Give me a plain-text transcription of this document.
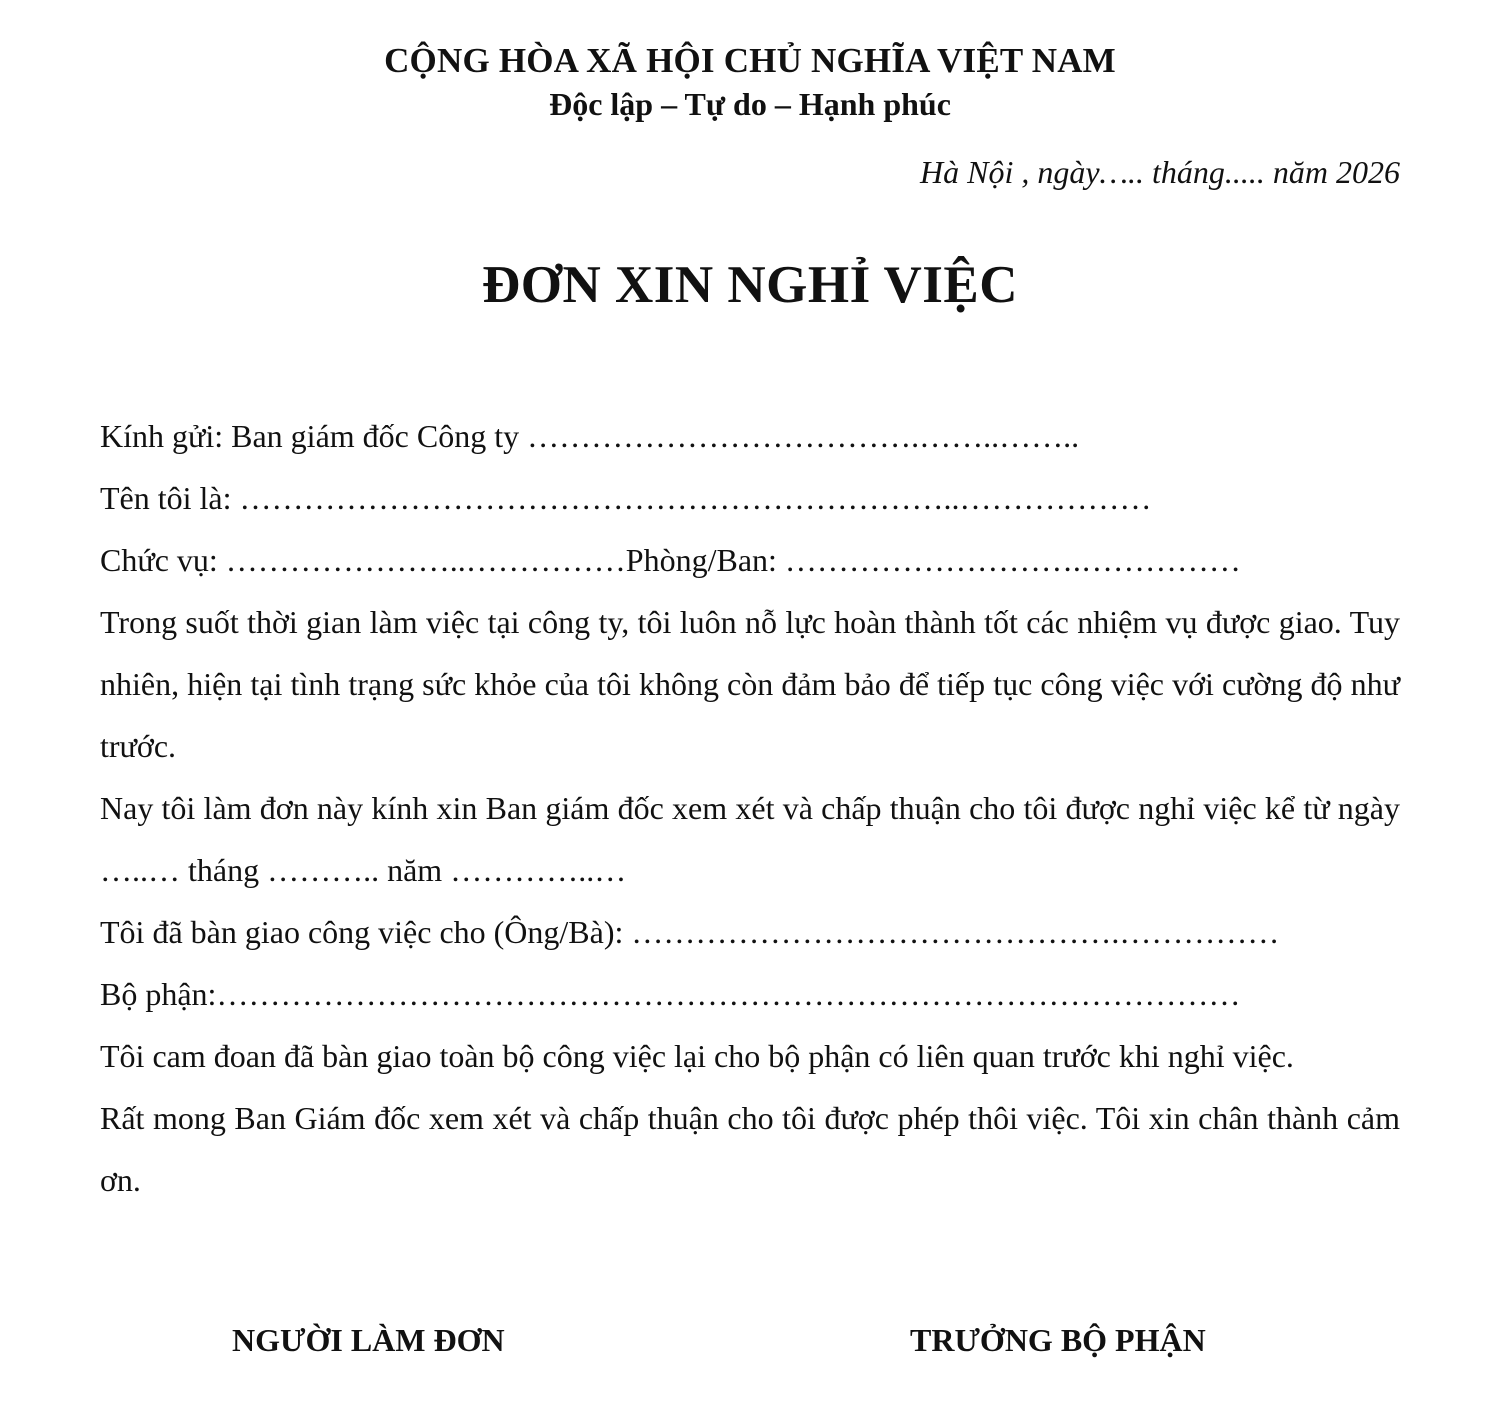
CỘNG HÒA XÃ HỘI CHỦ NGHĨA VIỆT NAM
Độc lập – Tự do – Hạnh phúc
Hà Nội , ngày….. tháng..... năm 2026
ĐƠN XIN NGHỈ VIỆC
Kính gửi: Ban giám đốc Công ty ……………………………….……..……..
Tên tôi là: …………………………………………………………..………………
Chức vụ: …………………..……………Phòng/Ban: ……………………….……………
Trong suốt thời gian làm việc tại công ty, tôi luôn nỗ lực hoàn thành tốt các nhiệm vụ được giao. Tuy nhiên, hiện tại tình trạng sức khỏe của tôi không còn đảm bảo để tiếp tục công việc với cường độ như trước.
Nay tôi làm đơn này kính xin Ban giám đốc xem xét và chấp thuận cho tôi được nghỉ việc kể từ ngày …..… tháng ……….. năm …………..…
Tôi đã bàn giao công việc cho (Ông/Bà): ……………………………………….……………
Bộ phận:……………………………………………………………………………………
Tôi cam đoan đã bàn giao toàn bộ công việc lại cho bộ phận có liên quan trước khi nghỉ việc.
Rất mong Ban Giám đốc xem xét và chấp thuận cho tôi được phép thôi việc. Tôi xin chân thành cảm ơn.
NGƯỜI LÀM ĐƠN	TRƯỞNG BỘ PHẬN
